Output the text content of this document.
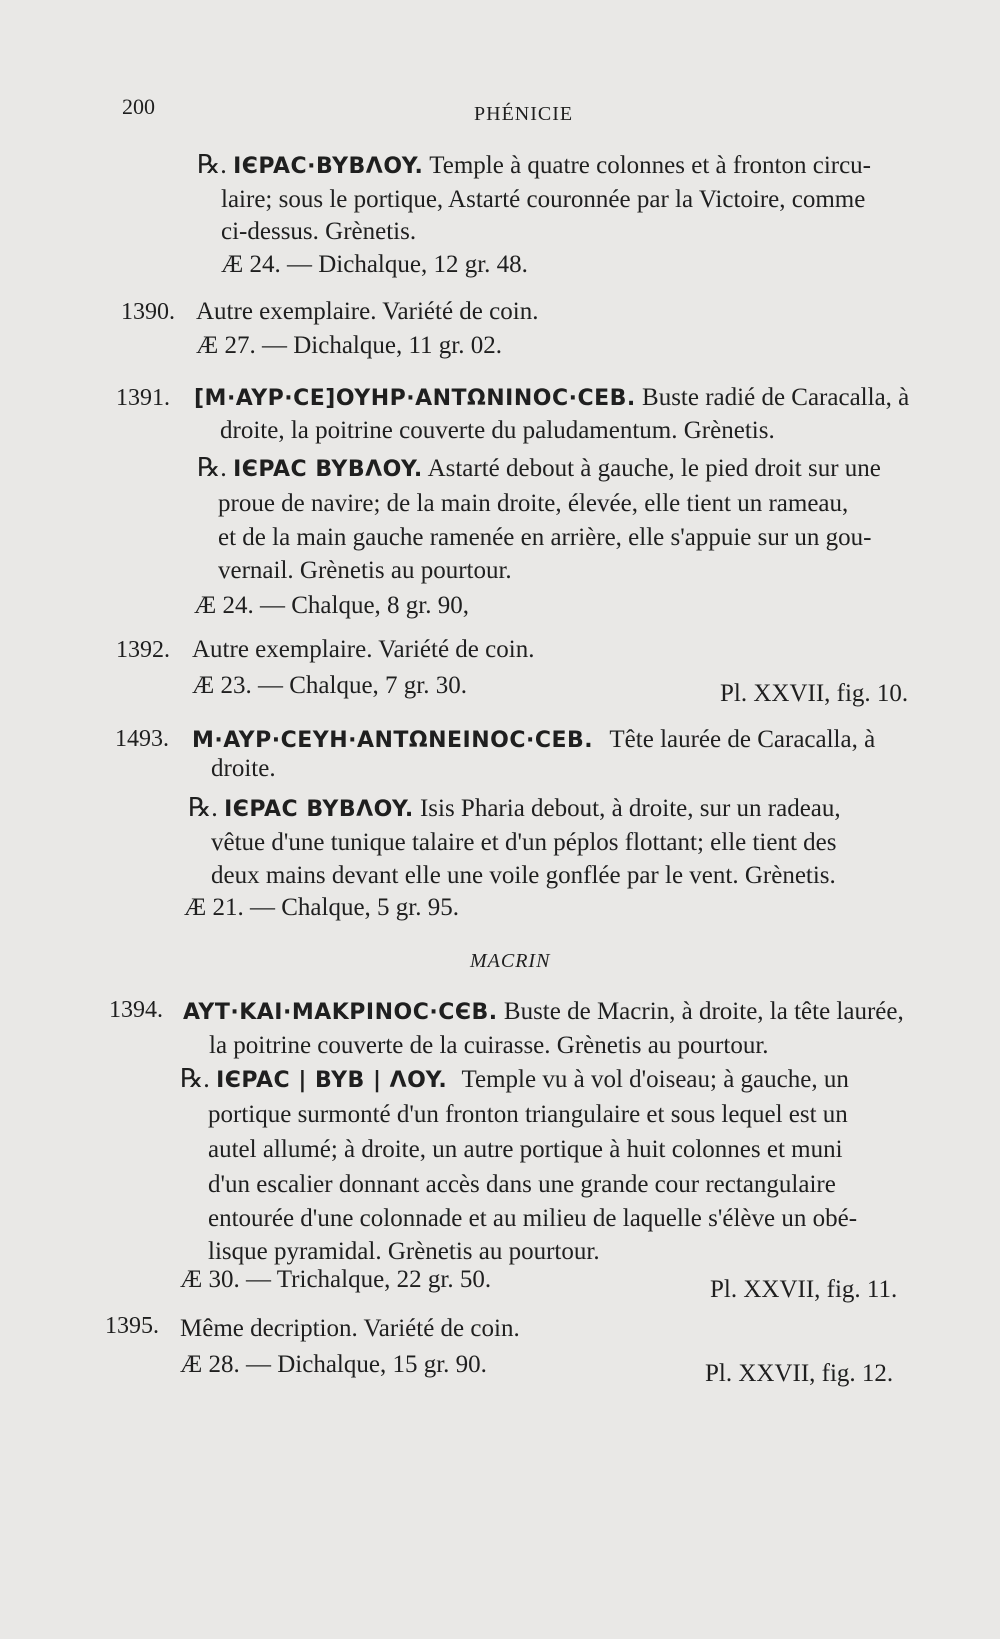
200	PHÉNICIE
℞. IЄPAC·BYBΛOY. Temple à quatre colonnes et à fronton circu-
laire; sous le portique, Astarté couronnée par la Victoire, comme
ci-dessus. Grènetis.
Æ 24. — Dichalque, 12 gr. 48.
1390. Autre exemplaire. Variété de coin.
Æ 27. — Dichalque, 11 gr. 02.
1391. [M·AYP·CE]OYHP·ANTΩNINOC·CEB. Buste radié de Caracalla, à
droite, la poitrine couverte du paludamentum. Grènetis.
℞. IЄPAC BYBΛOY. Astarté debout à gauche, le pied droit sur une
proue de navire; de la main droite, élevée, elle tient un rameau,
et de la main gauche ramenée en arrière, elle s'appuie sur un gou-
vernail. Grènetis au pourtour.
Æ 24. — Chalque, 8 gr. 90,
1392. Autre exemplaire. Variété de coin.
Æ 23. — Chalque, 7 gr. 30.	Pl. XXVII, fig. 10.
1493. M·AYP·CEYH·ANTΩNEINOC·CEB. Tête laurée de Caracalla, à
droite.
℞. IЄPAC BYBΛOY. Isis Pharia debout, à droite, sur un radeau,
vêtue d'une tunique talaire et d'un péplos flottant; elle tient des
deux mains devant elle une voile gonflée par le vent. Grènetis.
Æ 21. — Chalque, 5 gr. 95.
MACRIN
1394. AYT·KAI·MAKPINOC·CЄB. Buste de Macrin, à droite, la tête laurée,
la poitrine couverte de la cuirasse. Grènetis au pourtour.
℞. IЄPAC | BYB | ΛOY. Temple vu à vol d'oiseau; à gauche, un
portique surmonté d'un fronton triangulaire et sous lequel est un
autel allumé; à droite, un autre portique à huit colonnes et muni
d'un escalier donnant accès dans une grande cour rectangulaire
entourée d'une colonnade et au milieu de laquelle s'élève un obé-
lisque pyramidal. Grènetis au pourtour.
Æ 30. — Trichalque, 22 gr. 50.	Pl. XXVII, fig. 11.
1395. Même decription. Variété de coin.
Æ 28. — Dichalque, 15 gr. 90.	Pl. XXVII, fig. 12.
